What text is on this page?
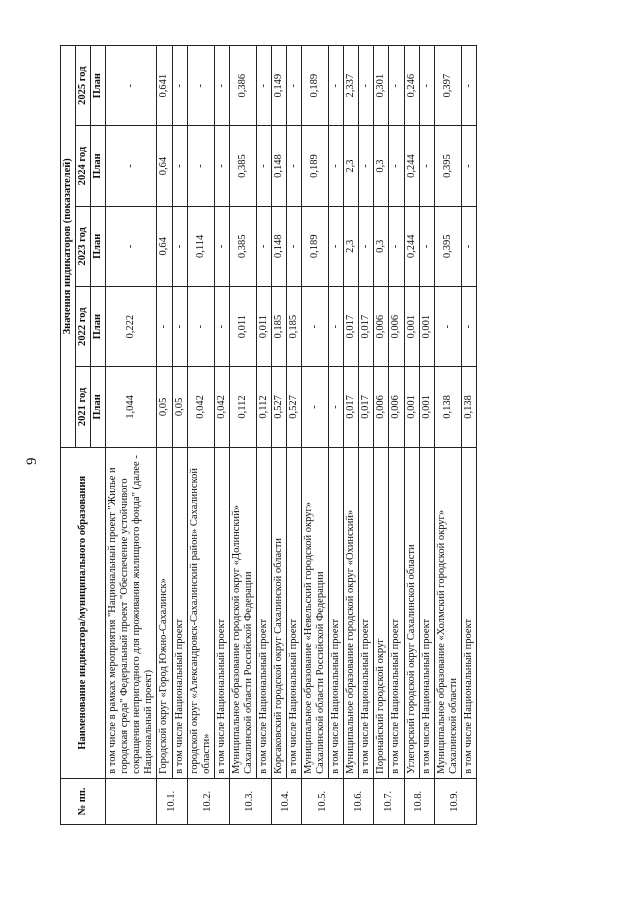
9
№ пп.	Наименование индикатора/муниципального образования	Значения индикаторов (показателей)				
		2021 год	2022 год	2023 год	2024 год	2025 год
		План	План	План	План	План
	в том числе в рамках мероприятия "Национальный проект "Жилье и городская среда" Федеральный проект "Обеспечение устойчивого сокращения непригодного для проживания жилищного фонда" (далее - Национальный проект)	1,044	0,222	-	-	-
10.1.	Городской округ «Город Южно-Сахалинск»	0,05	-	0,64	0,64	0,641
	в том числе Национальный проект	0,05	-	-	-	-
10.2.	городской округ «Александровск-Сахалинский район» Сахалинской области»	0,042	-	0,114	-	-
	в том числе Национальный проект	0,042	-	-	-	-
10.3.	Муниципальное образование городской округ «Долинский» Сахалинской области Российской Федерации	0,112	0,011	0,385	0,385	0,386
	в том числе Национальный проект	0,112	0,011	-	-	-
10.4.	Корсаковский городской округ Сахалинской области	0,527	0,185	0,148	0,148	0,149
	в том числе Национальный проект	0,527	0,185	-	-	-
10.5.	Муниципальное образование «Невельский городской округ» Сахалинской области Российской Федерации	-	-	0,189	0,189	0,189
	в том числе Национальный проект	-	-	-	-	-
10.6.	Муниципальное образование городской округ «Охинский»	0,017	0,017	2,3	2,3	2,337
	в том числе Национальный проект	0,017	0,017	-	-	-
10.7.	Поронайский городской округ	0,006	0,006	0,3	0,3	0,301
	в том числе Национальный проект	0,006	0,006	-	-	-
10.8.	Углегорский городской округ Сахалинской области	0,001	0,001	0,244	0,244	0,246
	в том числе Национальный проект	0,001	0,001	-	-	-
10.9.	Муниципальное образование «Холмский городской округ» Сахалинской области	0,138	-	0,395	0,395	0,397
	в том числе Национальный проект	0,138	-	-	-	-
